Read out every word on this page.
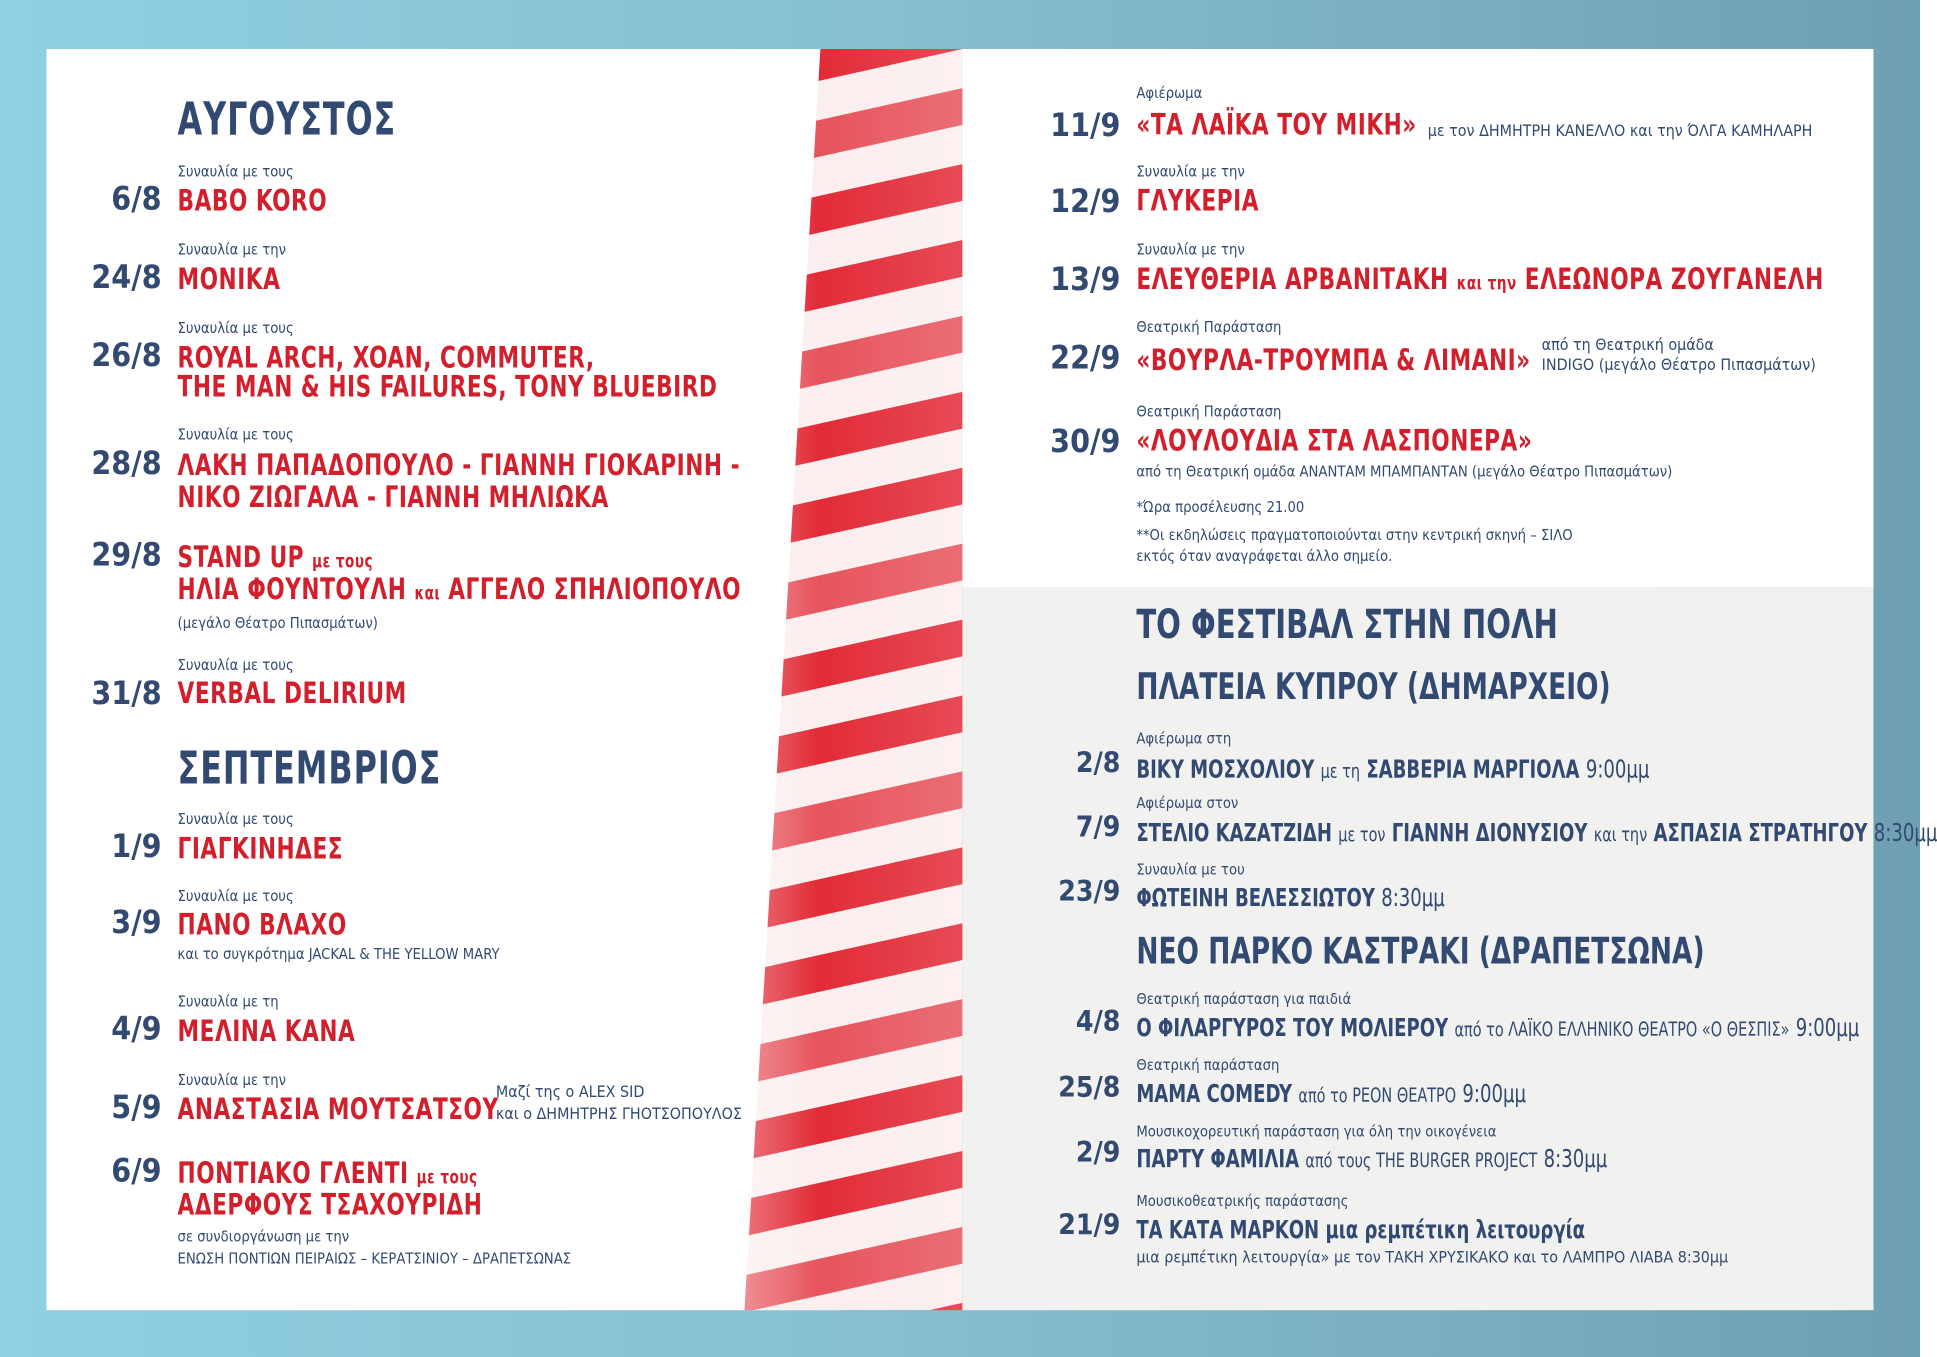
ΑΥΓΟΥΣΤΟΣ
Συναυλία με τους
6/8 BABO KORO
Συναυλία με την
24/8 ΜΟΝΙΚΑ
Συναυλία με τους
26/8 ROYAL ARCH, XOAN, COMMUTER,
THE MAN & HIS FAILURES, TONY BLUEBIRD
Συναυλία με τους
28/8 ΛΑΚΗ ΠΑΠΑΔΟΠΟΥΛΟ - ΓΙΑΝΝΗ ΓΙΟΚΑΡΙΝΗ -
ΝΙΚΟ ΖΙΩΓΑΛΑ - ΓΙΑΝΝΗ ΜΗΛΙΩΚΑ
29/8 STAND UP με τους
ΗΛΙΑ ΦΟΥΝΤΟΥΛΗ και ΑΓΓΕΛΟ ΣΠΗΛΙΟΠΟΥΛΟ
(μεγάλο Θέατρο Πιπασμάτων)
Συναυλία με τους
31/8 VERBAL DELIRIUM
ΣΕΠΤΕΜΒΡΙΟΣ
Συναυλία με τους
1/9 ΓΙΑΓΚΙΝΗΔΕΣ
Συναυλία με τους
3/9 ΠΑΝΟ ΒΛΑΧΟ
και το συγκρότημα JACKAL & THE YELLOW MARY
Συναυλία με τη
4/9 ΜΕΛΙΝΑ ΚΑΝΑ
Συναυλία με την
5/9 ΑΝΑΣΤΑΣΙΑ ΜΟΥΤΣΑΤΣΟΥ
Μαζί της ο ALEX SID
και ο ΔΗΜΗΤΡΗΣ ΓΗΟΤΣΟΠΟΥΛΟΣ
6/9 ΠΟΝΤΙΑΚΟ ΓΛΕΝΤΙ με τους
ΑΔΕΡΦΟΥΣ ΤΣΑΧΟΥΡΙΔΗ
σε συνδιοργάνωση με την
ΕΝΩΣΗ ΠΟΝΤΙΩΝ ΠΕΙΡΑΙΩΣ – ΚΕΡΑΤΣΙΝΙΟΥ – ΔΡΑΠΕΤΣΩΝΑΣ
Αφιέρωμα
11/9 «ΤΑ ΛΑΪΚΑ ΤΟΥ ΜΙΚΗ» με τον ΔΗΜΗΤΡΗ ΚΑΝΕΛΛΟ και την ΌΛΓΑ ΚΑΜΗΛΑΡΗ
Συναυλία με την
12/9 ΓΛΥΚΕΡΙΑ
Συναυλία με την
13/9 ΕΛΕΥΘΕΡΙΑ ΑΡΒΑΝΙΤΑΚΗ και την ΕΛΕΩΝΟΡΑ ΖΟΥΓΑΝΕΛΗ
Θεατρική Παράσταση
22/9 «ΒΟΥΡΛΑ-ΤΡΟΥΜΠΑ & ΛΙΜΑΝΙ» από τη Θεατρική ομάδα
INDIGO (μεγάλο Θέατρο Πιπασμάτων)
Θεατρική Παράσταση
30/9 «ΛΟΥΛΟΥΔΙΑ ΣΤΑ ΛΑΣΠΟΝΕΡΑ»
από τη Θεατρική ομάδα ΑΝΑΝΤΑΜ ΜΠΑΜΠΑΝΤΑΝ (μεγάλο Θέατρο Πιπασμάτων)
*Ώρα προσέλευσης 21.00
**Οι εκδηλώσεις πραγματοποιούνται στην κεντρική σκηνή – ΣΙΛΟ
εκτός όταν αναγράφεται άλλο σημείο.
ΤΟ ΦΕΣΤΙΒΑΛ ΣΤΗΝ ΠΟΛΗ
ΠΛΑΤΕΙΑ ΚΥΠΡΟΥ (ΔΗΜΑΡΧΕΙΟ)
Αφιέρωμα στη
2/8 ΒΙΚΥ ΜΟΣΧΟΛΙΟΥ με τη ΣΑΒΒΕΡΙΑ ΜΑΡΓΙΟΛΑ 9:00μμ
Αφιέρωμα στον
7/9 ΣΤΕΛΙΟ ΚΑΖΑΤΖΙΔΗ με τον ΓΙΑΝΝΗ ΔΙΟΝΥΣΙΟΥ και την ΑΣΠΑΣΙΑ ΣΤΡΑΤΗΓΟΥ 8:30μμ
Συναυλία με του
23/9 ΦΩΤΕΙΝΗ ΒΕΛΕΣΣΙΩΤΟΥ 8:30μμ
ΝΕΟ ΠΑΡΚΟ ΚΑΣΤΡΑΚΙ (ΔΡΑΠΕΤΣΩΝΑ)
Θεατρική παράσταση για παιδιά
4/8 Ο ΦΙΛΑΡΓΥΡΟΣ ΤΟΥ ΜΟΛΙΕΡΟΥ από το ΛΑΪΚΟ ΕΛΛΗΝΙΚΟ ΘΕΑΤΡΟ «Ο ΘΕΣΠΙΣ» 9:00μμ
Θεατρική παράσταση
25/8 MAMA COMEDY από το ΡΕΟΝ ΘΕΑΤΡΟ 9:00μμ
Μουσικοχορευτική παράσταση για όλη την οικογένεια
2/9 ΠΑΡΤΥ ΦΑΜΙΛΙΑ από τους THE BURGER PROJECT 8:30μμ
Μουσικοθεατρικής παράστασης
21/9 ΤΑ ΚΑΤΑ ΜΑΡΚΟΝ μια ρεμπέτικη λειτουργία
μια ρεμπέτικη λειτουργία» με τον ΤΑΚΗ ΧΡΥΣΙΚΑΚΟ και το ΛΑΜΠΡΟ ΛΙΑΒΑ 8:30μμ
